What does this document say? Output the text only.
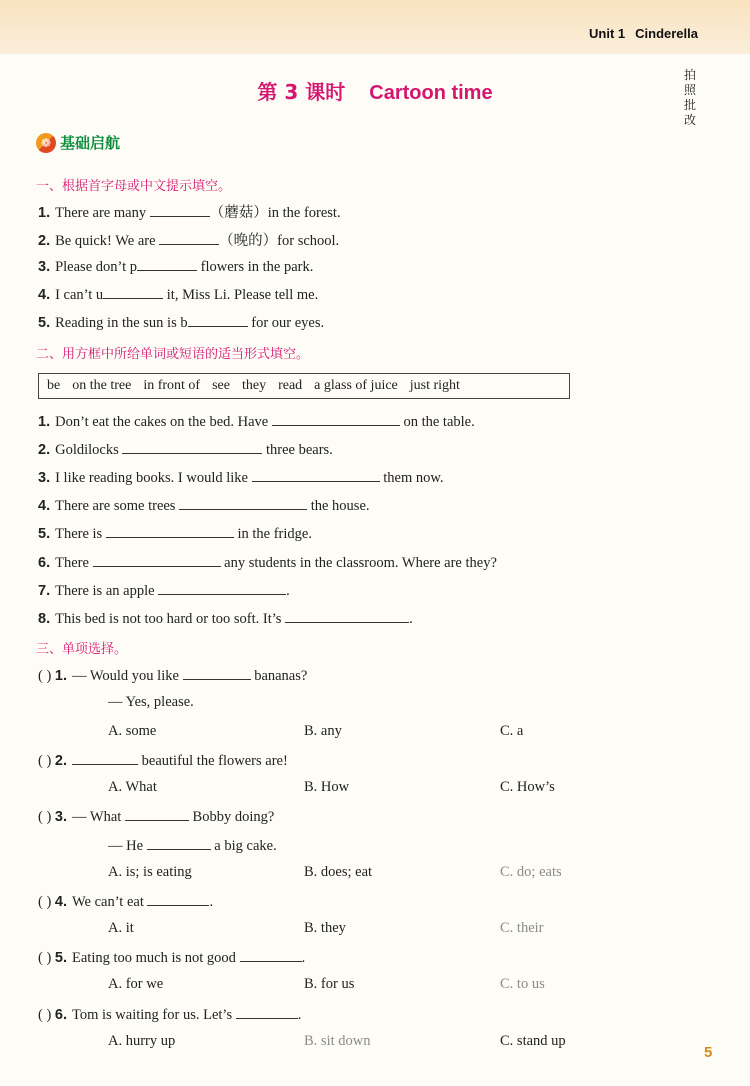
Unit 1 Cinderella
拍照批改
第 3 课时 Cartoon time
❁ 基础启航
一、根据首字母或中文提示填空。
1. There are many	（蘑菇）in the forest.
2. Be quick! We are	（晚的）for school.
3. Please don’t p	flowers in the park.
4. I can’t u	it, Miss Li. Please tell me.
5. Reading in the sun is b	for our eyes.
二、用方框中所给单词或短语的适当形式填空。
be on the tree in front of see they read a glass of juice just right
1. Don’t eat the cakes on the bed. Have	on the table.
2. Goldilocks	three bears.
3. I like reading books. I would like	them now.
4. There are some trees	the house.
5. There is	in the fridge.
6. There	any students in the classroom. Where are they?
7. There is an apple	.
8. This bed is not too hard or too soft. It’s	.
三、单项选择。
( ) 1. — Would you like	bananas?
— Yes, please.
A. some	B. any	C. a
( ) 2.	beautiful the flowers are!
A. What	B. How	C. How’s
( ) 3. — What	Bobby doing?
— He	a big cake.
A. is; is eating	B. does; eat	C. do; eats
( ) 4. We can’t eat	.
A. it	B. they	C. their
( ) 5. Eating too much is not good	.
A. for we	B. for us	C. to us
( ) 6. Tom is waiting for us. Let’s	.
A. hurry up	B. sit down	C. stand up
5
